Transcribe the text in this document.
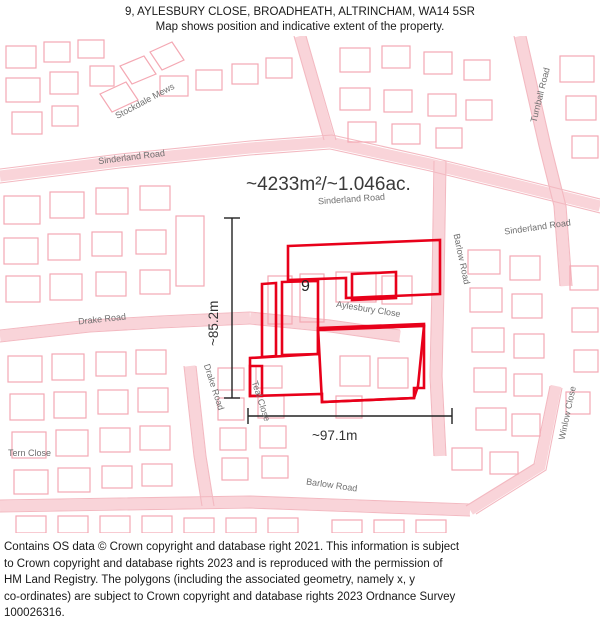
9, AYLESBURY CLOSE, BROADHEATH, ALTRINCHAM, WA14 5SR
Map shows position and indicative extent of the property.
Stockdale Mews
Sinderland Road
Sinderland Road
Sinderland Road
Turnball Road
Drake Road	Aylesbury Close
Barlow Road
Drake Road	Teal Close
Tern Close
Barlow Road
Winlow Close
~4233m²/~1.046ac.
9
~97.1m
~85.2m
Contains OS data © Crown copyright and database right 2021. This information is subject
to Crown copyright and database rights 2023 and is reproduced with the permission of
HM Land Registry. The polygons (including the associated geometry, namely x, y
co-ordinates) are subject to Crown copyright and database rights 2023 Ordnance Survey
100026316.
